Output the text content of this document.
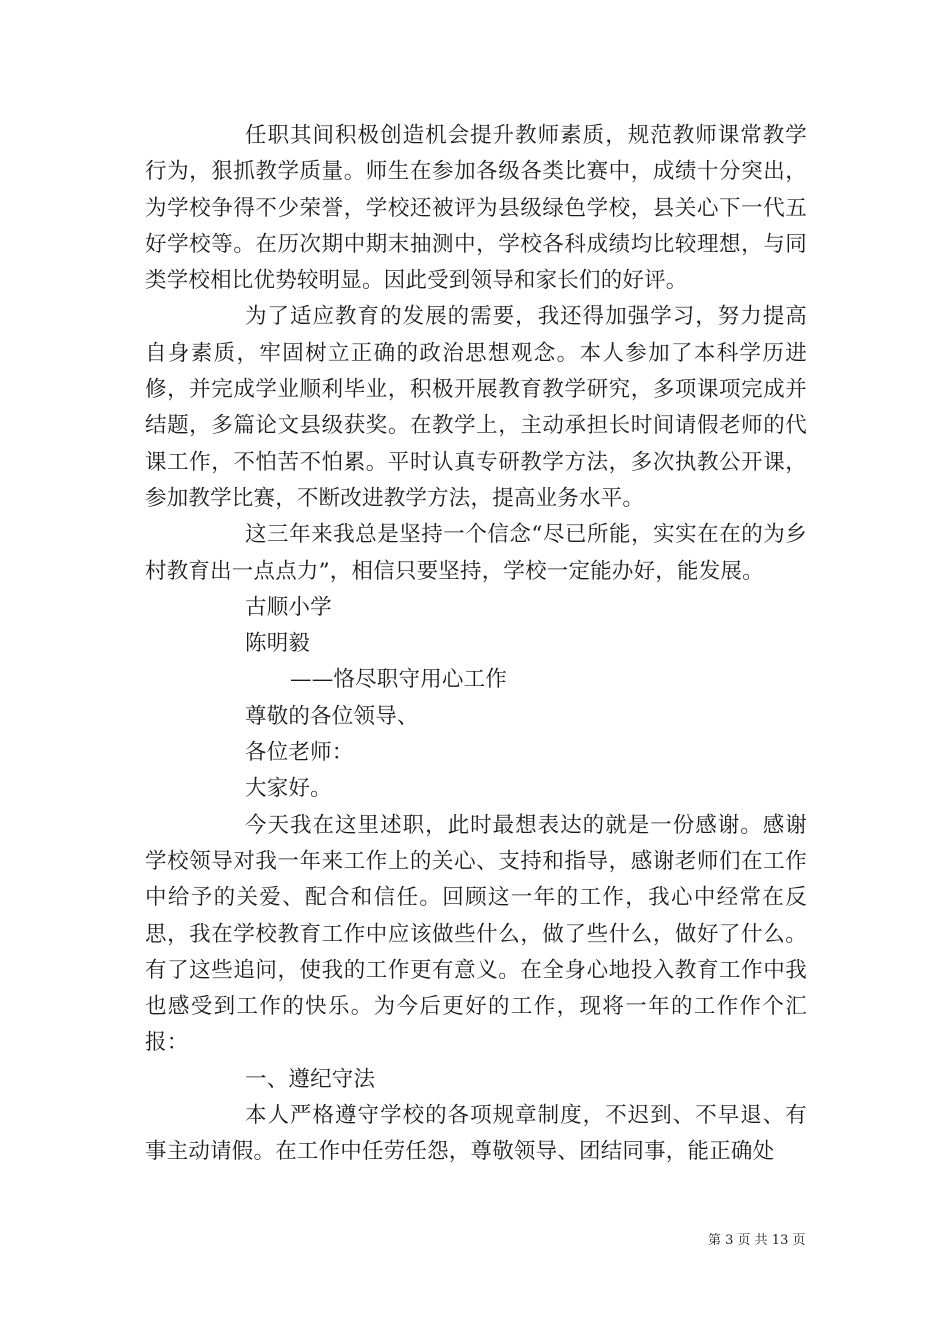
任职其间积极创造机会提升教师素质，规范教师课常教学行为，狠抓教学质量。师生在参加各级各类比赛中，成绩十分突出，为学校争得不少荣誉，学校还被评为县级绿色学校，县关心下一代五好学校等。在历次期中期末抽测中，学校各科成绩均比较理想，与同类学校相比优势较明显。因此受到领导和家长们的好评。

为了适应教育的发展的需要，我还得加强学习，努力提高自身素质，牢固树立正确的政治思想观念。本人参加了本科学历进修，并完成学业顺利毕业，积极开展教育教学研究，多项课项完成并结题，多篇论文县级获奖。在教学上，主动承担长时间请假老师的代课工作，不怕苦不怕累。平时认真专研教学方法，多次执教公开课，参加教学比赛，不断改进教学方法，提高业务水平。

这三年来我总是坚持一个信念“尽已所能，实实在在的为乡村教育出一点点力”，相信只要坚持，学校一定能办好，能发展。

古顺小学

陈明毅

——恪尽职守用心工作

尊敬的各位领导、

各位老师：

大家好。

今天我在这里述职，此时最想表达的就是一份感谢。感谢学校领导对我一年来工作上的关心、支持和指导，感谢老师们在工作中给予的关爱、配合和信任。回顾这一年的工作，我心中经常在反思，我在学校教育工作中应该做些什么，做了些什么，做好了什么。有了这些追问，使我的工作更有意义。在全身心地投入教育工作中我也感受到工作的快乐。为今后更好的工作，现将一年的工作作个汇报：

一、遵纪守法

本人严格遵守学校的各项规章制度，不迟到、不早退、有事主动请假。在工作中任劳任怨，尊敬领导、团结同事，能正确处

第 3 页 共 13 页
